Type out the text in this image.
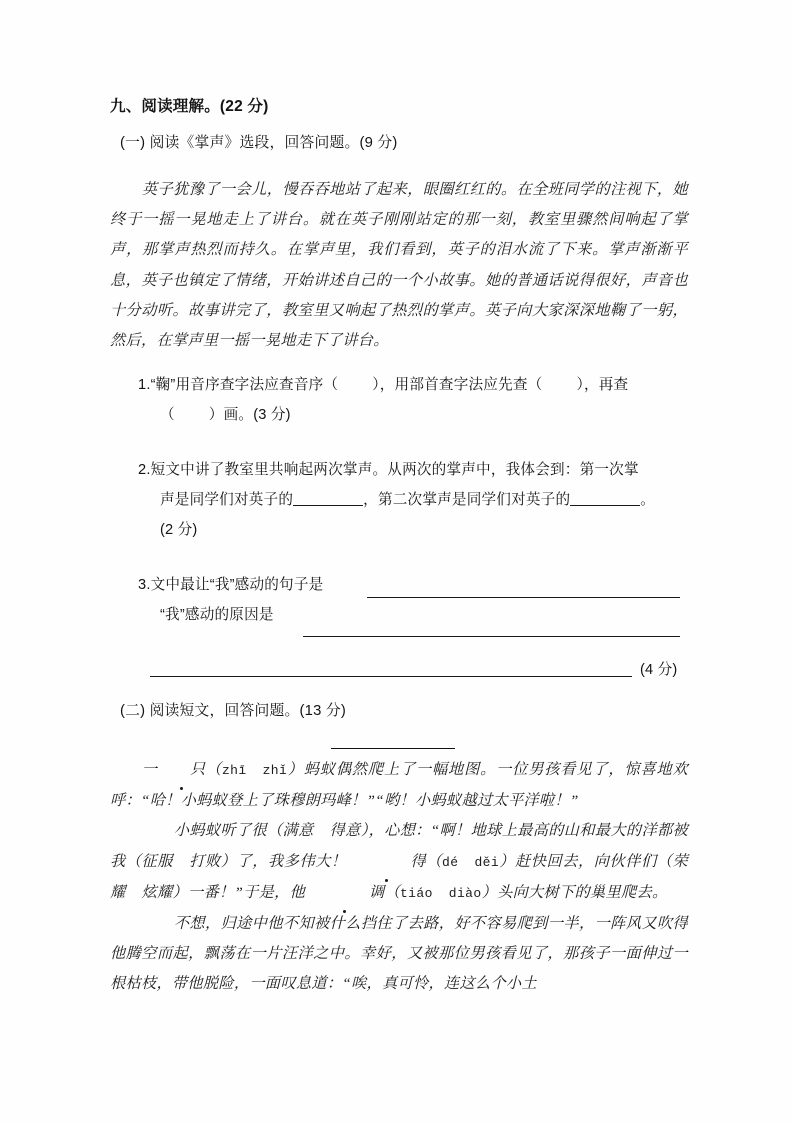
九、阅读理解。(22 分)
(一) 阅读《掌声》选段，回答问题。(9 分)

英子犹豫了一会儿，慢吞吞地站了起来，眼圈红红的。在全班同学的注视下，她终于一摇一晃地走上了讲台。就在英子刚刚站定的那一刻，教室里骤然间响起了掌声，那掌声热烈而持久。在掌声里，我们看到，英子的泪水流了下来。掌声渐渐平息，英子也镇定了情绪，开始讲述自己的一个小故事。她的普通话说得很好，声音也十分动听。故事讲完了，教室里又响起了热烈的掌声。英子向大家深深地鞠了一躬，然后，在掌声里一摇一晃地走下了讲台。

1.“鞠”用音序查字法应查音序（ ），用部首查字法应先查（ ），再查

（ ）画。(3 分)

2.短文中讲了教室里共响起两次掌声。从两次的掌声中，我体会到：第一次掌

声是同学们对英子的	，第二次掌声是同学们对英子的	。

(2 分)

3.文中最让“我”感动的句子是

“我”感动的原因是

(4 分)
(二) 阅读短文，回答问题。(13 分)

一 只（zhī zhǐ）蚂蚁偶然爬上了一幅地图。一位男孩看见了，惊喜地欢呼：“哈！小蚂蚁登上了珠穆朗玛峰！”“哟！小蚂蚁越过太平洋啦！”

小蚂蚁听了很（满意 得意），心想：“啊！地球上最高的山和最大的洋都被我（征服 打败）了，我多伟大！	得（dé děi）赶快回去，向伙伴们（荣耀 炫耀）一番！”于是，他	调（tiáo diào）头向大树下的巢里爬去。

不想，归途中他不知被什么挡住了去路，好不容易爬到一半，一阵风又吹得他腾空而起，飘荡在一片汪洋之中。幸好，又被那位男孩看见了，那孩子一面伸过一根枯枝，带他脱险，一面叹息道：“唉，真可怜，连这么个小土
